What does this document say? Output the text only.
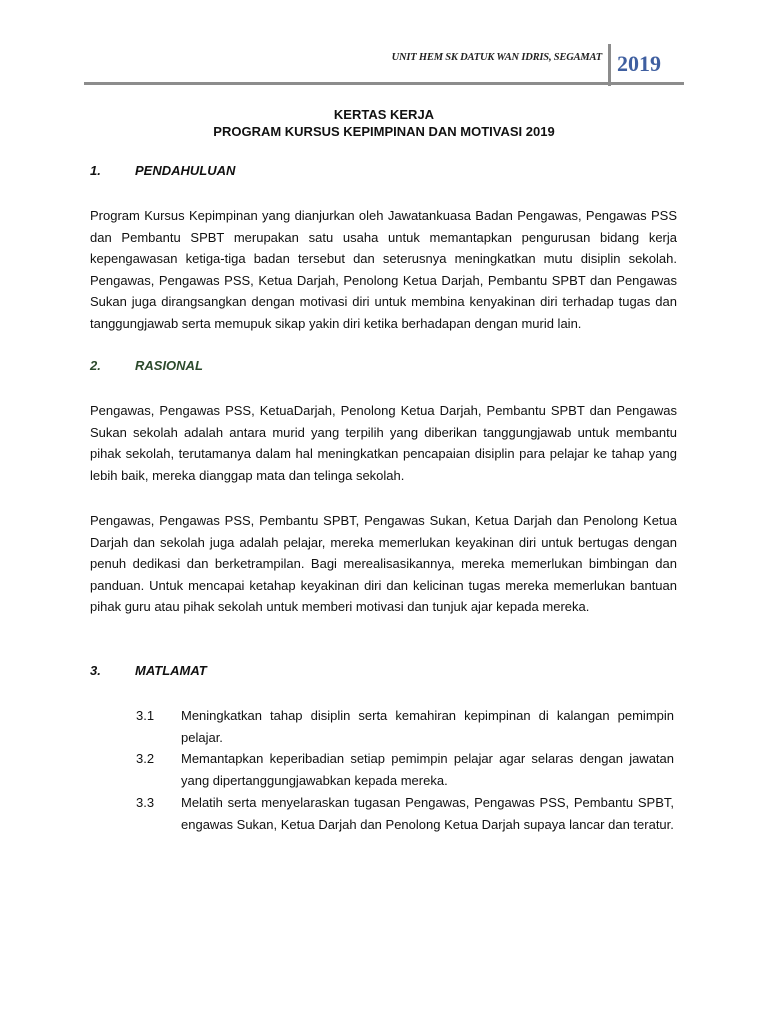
UNIT HEM SK DATUK WAN IDRIS, SEGAMAT 2019
KERTAS KERJA
PROGRAM KURSUS KEPIMPINAN DAN MOTIVASI 2019
1.	PENDAHULUAN
Program Kursus Kepimpinan yang dianjurkan oleh Jawatankuasa Badan Pengawas, Pengawas PSS dan Pembantu SPBT merupakan satu usaha untuk memantapkan pengurusan bidang kerja kepengawasan ketiga-tiga badan tersebut dan seterusnya meningkatkan mutu disiplin sekolah. Pengawas, Pengawas PSS, Ketua Darjah, Penolong Ketua Darjah, Pembantu SPBT dan Pengawas Sukan juga dirangsangkan dengan motivasi diri untuk membina kenyakinan diri terhadap tugas dan tanggungjawab serta memupuk sikap yakin diri ketika berhadapan dengan murid lain.
2.	RASIONAL
Pengawas, Pengawas PSS, KetuaDarjah, Penolong Ketua Darjah, Pembantu SPBT dan Pengawas Sukan sekolah adalah antara murid yang terpilih yang diberikan tanggungjawab untuk membantu pihak sekolah, terutamanya dalam hal meningkatkan pencapaian disiplin para pelajar ke tahap yang lebih baik, mereka dianggap mata dan telinga sekolah.
Pengawas, Pengawas PSS, Pembantu SPBT, Pengawas Sukan, Ketua Darjah dan Penolong Ketua Darjah dan sekolah juga adalah pelajar, mereka memerlukan keyakinan diri untuk bertugas dengan penuh dedikasi dan berketrampilan. Bagi merealisasikannya, mereka memerlukan bimbingan dan panduan. Untuk mencapai ketahap keyakinan diri dan kelicinan tugas mereka memerlukan bantuan pihak guru atau pihak sekolah untuk memberi motivasi dan tunjuk ajar kepada mereka.
3.	MATLAMAT
3.1	Meningkatkan tahap disiplin serta kemahiran kepimpinan di kalangan pemimpin pelajar.
3.2	Memantapkan keperibadian setiap pemimpin pelajar agar selaras dengan jawatan yang dipertanggungjawabkan kepada mereka.
3.3	Melatih serta menyelaraskan tugasan Pengawas, Pengawas PSS, Pembantu SPBT, engawas Sukan, Ketua Darjah dan Penolong Ketua Darjah supaya lancar dan teratur.
